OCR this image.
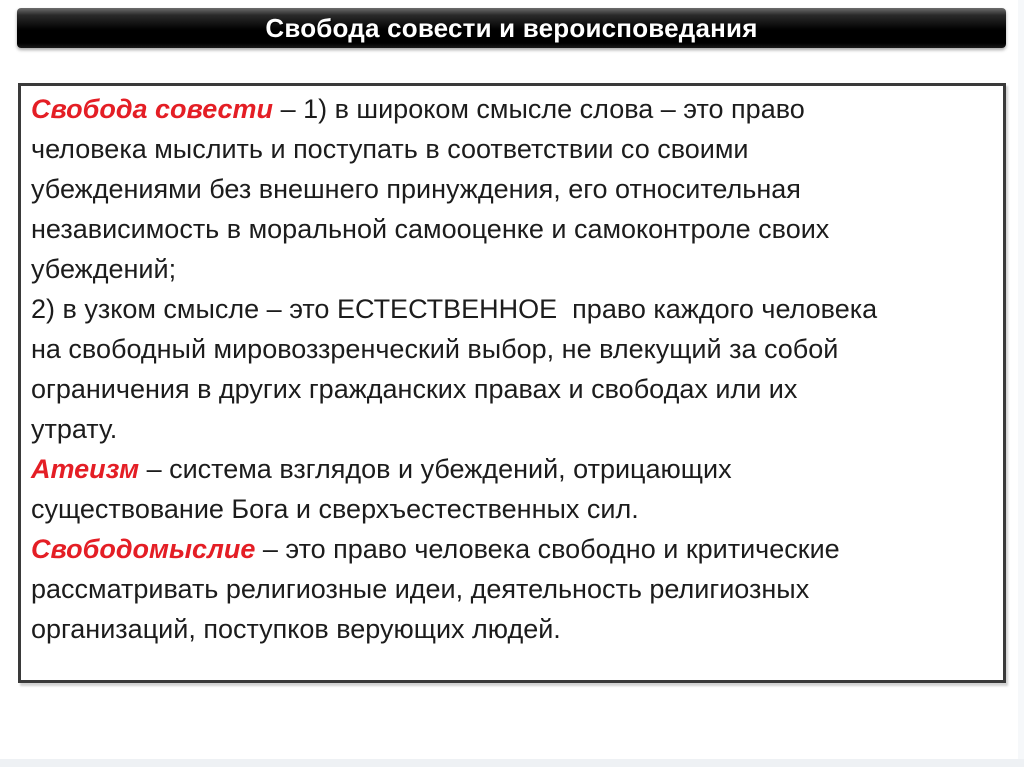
Свобода совести и вероисповедания
Свобода совести – 1) в широком смысле слова – это право
человека мыслить и поступать в соответствии со своими
убеждениями без внешнего принуждения, его относительная
независимость в моральной самооценке и самоконтроле своих
убеждений;
2) в узком смысле – это ЕСТЕСТВЕННОЕ  право каждого человека
на свободный мировоззренческий выбор, не влекущий за собой
ограничения в других гражданских правах и свободах или их
утрату.
Атеизм – система взглядов и убеждений, отрицающих
существование Бога и сверхъестественных сил.
Свободомыслие – это право человека свободно и критические
рассматривать религиозные идеи, деятельность религиозных
организаций, поступков верующих людей.
